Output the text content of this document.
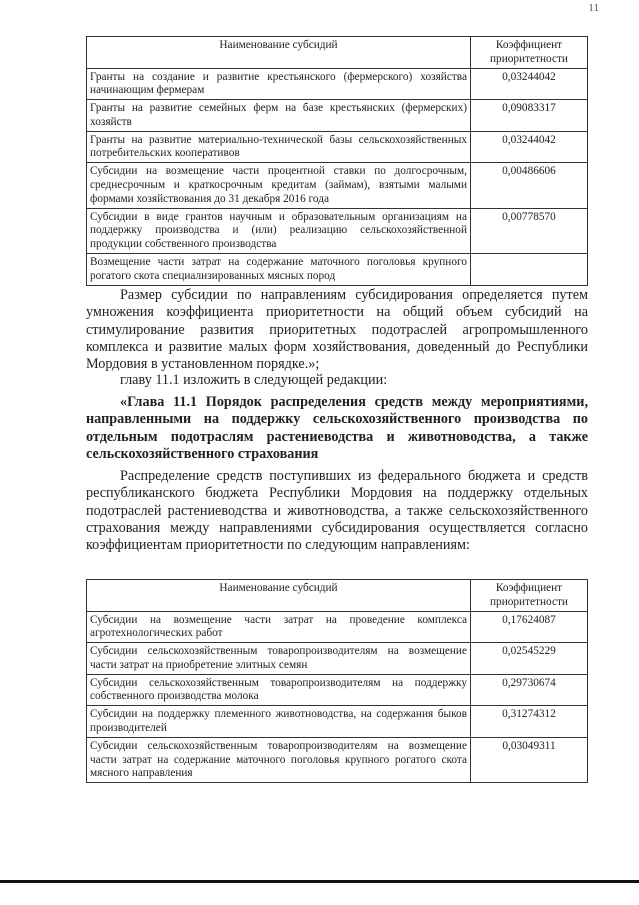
11
Наименование субсидий	Коэффициент приоритетности
Гранты на создание и развитие крестьянского (фермерского) хозяйства начинающим фермерам	0,03244042
Гранты на развитие семейных ферм на базе крестьянских (фермерских) хозяйств	0,09083317
Гранты на развитие материально-технической базы сельскохозяйственных потребительских кооперативов	0,03244042
Субсидии на возмещение части процентной ставки по долгосрочным, среднесрочным и краткосрочным кредитам (займам), взятыми малыми формами хозяйствования до 31 декабря 2016 года	0,00486606
Субсидии в виде грантов научным и образовательным организациям на поддержку производства и (или) реализацию сельскохозяйственной продукции собственного производства	0,00778570
Возмещение части затрат на содержание маточного поголовья крупного рогатого скота специализированных мясных пород	
Размер субсидии по направлениям субсидирования определяется путем умножения коэффициента приоритетности на общий объем субсидий на стимулирование развития приоритетных подотраслей агропромышленного комплекса и развитие малых форм хозяйствования, доведенный до Республики Мордовия в установленном порядке.»;
главу 11.1 изложить в следующей редакции:
«Глава 11.1 Порядок распределения средств между мероприятиями, направленными на поддержку сельскохозяйственного производства по отдельным подотраслям растениеводства и животноводства, а также сельскохозяйственного страхования
Распределение средств поступивших из федерального бюджета и средств республиканского бюджета Республики Мордовия на поддержку отдельных подотраслей растениеводства и животноводства, а также сельскохозяйственного страхования между направлениями субсидирования осуществляется согласно коэффициентам приоритетности по следующим направлениям:
Наименование субсидий	Коэффициент приоритетности
Субсидии на возмещение части затрат на проведение комплекса агротехнологических работ	0,17624087
Субсидии сельскохозяйственным товаропроизводителям на возмещение части затрат на приобретение элитных семян	0,02545229
Субсидии сельскохозяйственным товаропроизводителям на поддержку собственного производства молока	0,29730674
Субсидии на поддержку племенного животноводства, на содержания быков производителей	0,31274312
Субсидии сельскохозяйственным товаропроизводителям на возмещение части затрат на содержание маточного поголовья крупного рогатого скота мясного направления	0,03049311
